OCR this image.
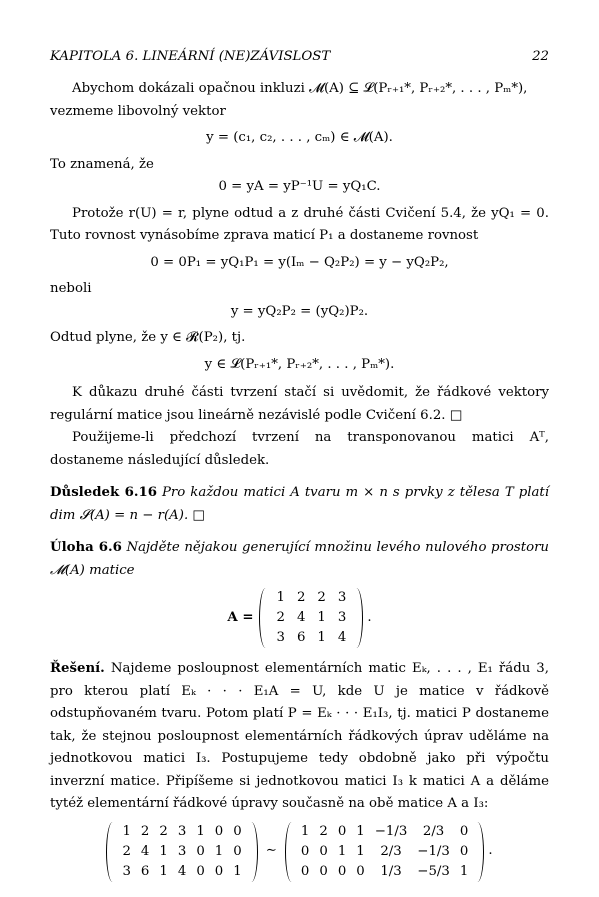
KAPITOLA 6. LINEÁRNÍ (NE)ZÁVISLOST	22

Abychom dokázali opačnou inkluzi 𝓜(A) ⊆ 𝓛(Pᵣ₊₁*, Pᵣ₊₂*, . . . , Pₘ*),

vezmeme libovolný vektor

y = (c₁, c₂, . . . , cₘ) ∈ 𝓜(A).

To znamená, že

0 = yA = yP⁻¹U = yQ₁C.

Protože r(U) = r, plyne odtud a z druhé části Cvičení 5.4, že yQ₁ = 0. Tuto rovnost vynásobíme zprava maticí P₁ a dostaneme rovnost

0 = 0P₁ = yQ₁P₁ = y(Iₘ − Q₂P₂) = y − yQ₂P₂,

neboli

y = yQ₂P₂ = (yQ₂)P₂.

Odtud plyne, že y ∈ 𝓡(P₂), tj.

y ∈ 𝓛(Pᵣ₊₁*, Pᵣ₊₂*, . . . , Pₘ*).

K důkazu druhé části tvrzení stačí si uvědomit, že řádkové vektory regulární matice jsou lineárně nezávislé podle Cvičení 6.2. □

Použijeme-li předchozí tvrzení na transponovanou matici Aᵀ, dostaneme následující důsledek.

Důsledek 6.16 Pro každou matici A tvaru m × n s prvky z tělesa T platí dim 𝓢(A) = n − r(A). □

Úloha 6.6 Najděte nějakou generující množinu levého nulového prostoru 𝓜(A) matice

A =
1	2	2	3
2	4	1	3
3	6	1	4
.

Řešení. Najdeme posloupnost elementárních matic Eₖ, . . . , E₁ řádu 3, pro kterou platí Eₖ · · · E₁A = U, kde U je matice v řádkově odstupňovaném tvaru. Potom platí P = Eₖ · · · E₁I₃, tj. matici P dostaneme tak, že stejnou posloupnost elementárních řádkových úprav uděláme na jednotkovou matici I₃. Postupujeme tedy obdobně jako při výpočtu inverzní matice. Připíšeme si jednotkovou matici I₃ k matici A a děláme tytéž elementární řádkové úpravy současně na obě matice A a I₃:

1	2	2	3	1	0	0
2	4	1	3	0	1	0
3	6	1	4	0	0	1
∼
1	2	0	1	−1/3	2/3	0
0	0	1	1	2/3	−1/3	0
0	0	0	0	1/3	−5/3	1
.
